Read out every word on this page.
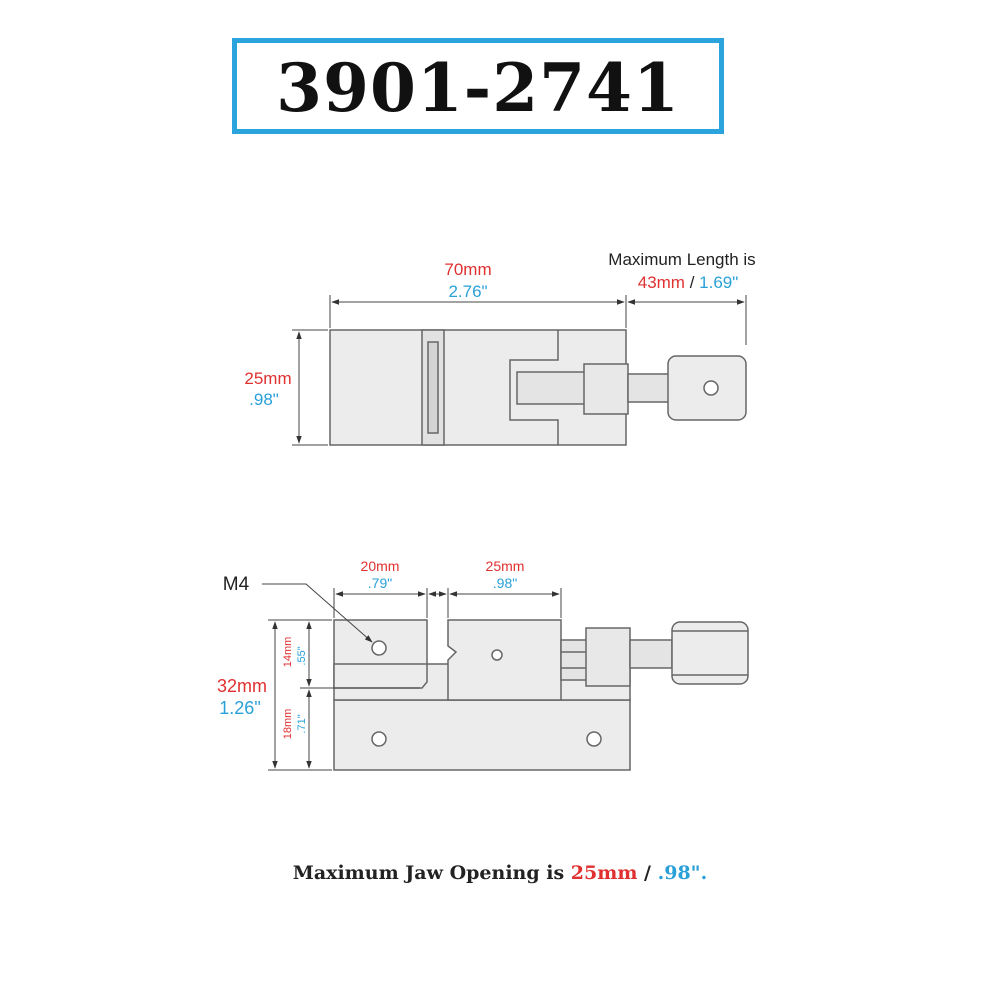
3901-2741
70mm
2.76"
Maximum Length is
43mm / 1.69"
25mm
.98"
M4
20mm
.79"
25mm
.98"
32mm
1.26"
14mm .55"
18mm .71"
Maximum Jaw Opening is 25mm / .98".
